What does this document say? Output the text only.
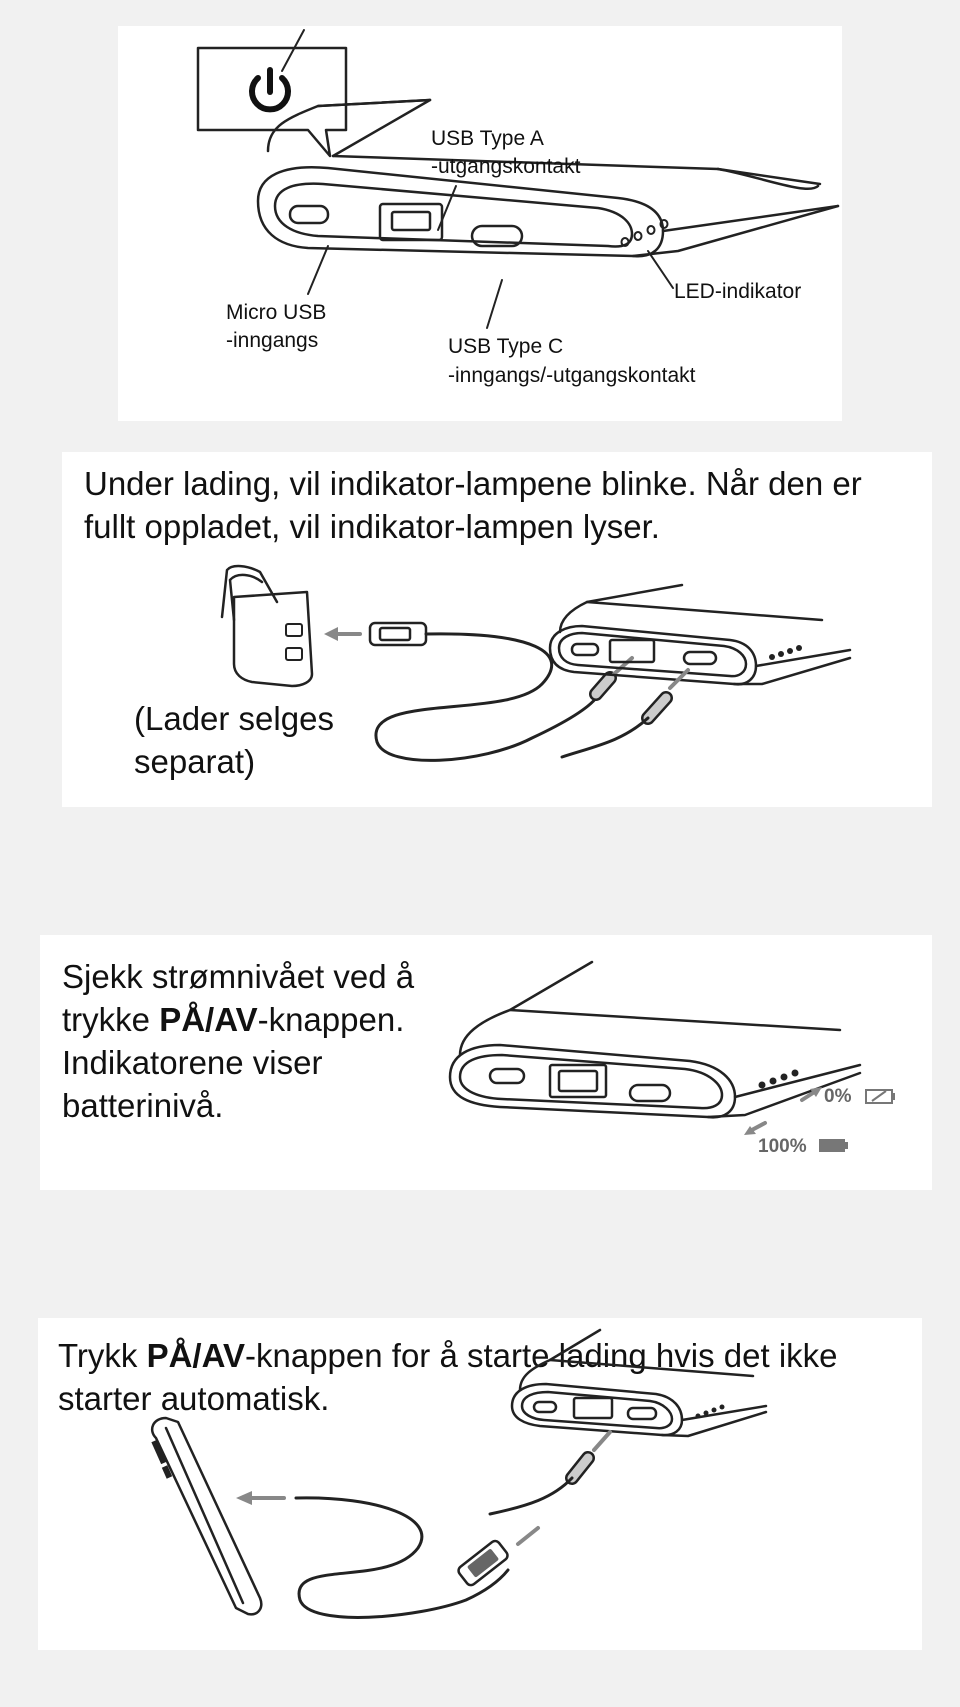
USB Type A
-utgangskontakt
LED-indikator
Micro USB
-inngangs	USB Type C
-inngangs/-utgangskontakt
Under lading, vil indikator-lampene blinke. Når den er fullt oppladet, vil indikator-lampen lyser.
(Lader selges
separat)
Sjekk strømnivået ved å
trykke PÅ/AV-knappen.
Indikatorene viser
batterinivå.	0%
100%
Trykk PÅ/AV-knappen for å starte lading hvis det ikke starter automatisk.
